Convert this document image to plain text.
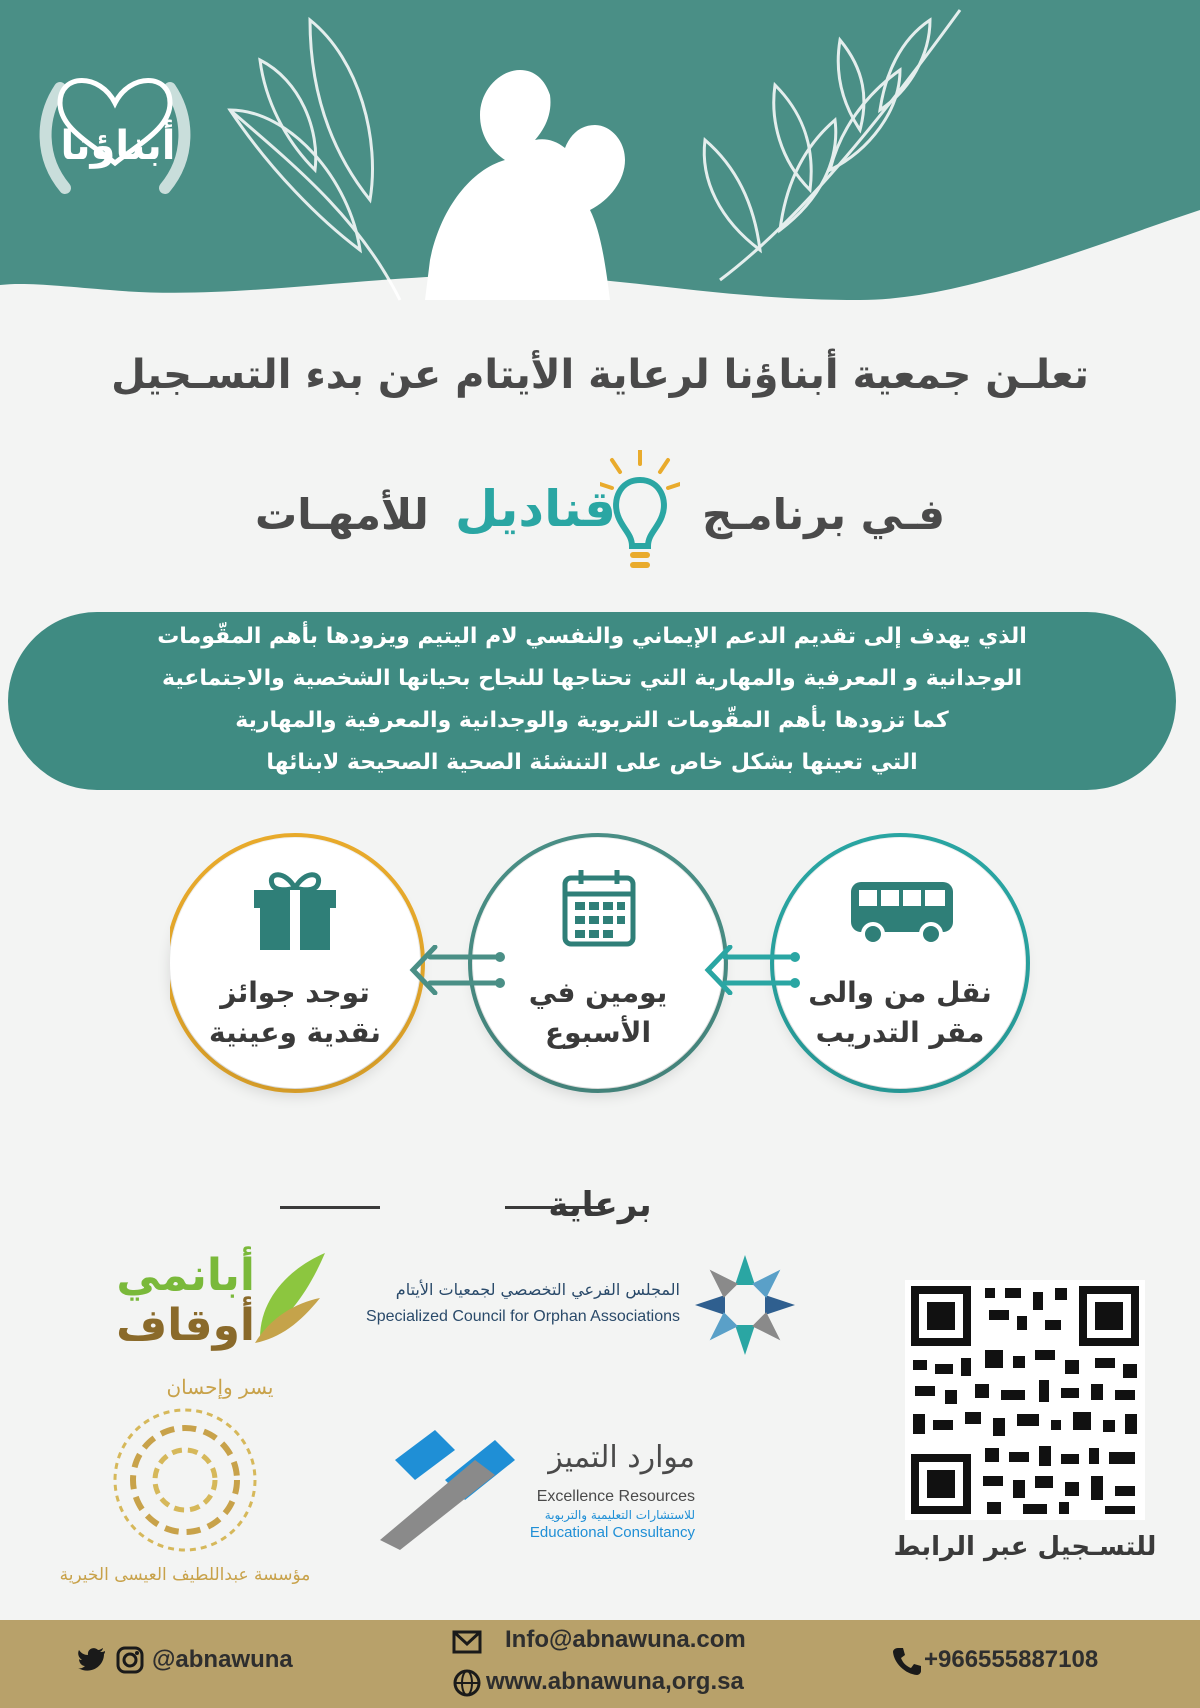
أبناؤنا
تعلـن جمعية أبناؤنا لرعاية الأيتام عن بدء التسـجيل
فـي برنامـج
قناديل
للأمهـات
الذي يهدف إلى تقديم الدعم الإيماني والنفسي لام اليتيم ويزودها بأهم المقّومات
الوجدانية و المعرفية والمهارية التي تحتاجها للنجاح بحياتها الشخصية والاجتماعية
كما تزودها بأهم المقّومات التربوية والوجدانية والمعرفية والمهارية
التي تعينها بشكل خاص على التنشئة الصحية الصحيحة لابنائها
نقل من والى
مقر التدريب
يومين في
الأسبوع
توجد جوائز
نقدية وعينية
برعاية
المجلس الفرعي التخصصي لجمعيات الأيتام
Specialized Council for Orphan Associations
أبانمي
أوقاف
يسر وإحسان
مؤسسة عبداللطيف العيسى الخيرية
موارد التميز
Excellence Resources
للاستشارات التعليمية والتربوية
Educational Consultancy	للتسـجيل عبر الرابط
@abnawuna
Info@abnawuna.com
www.abnawuna,org.sa
+966555887108
